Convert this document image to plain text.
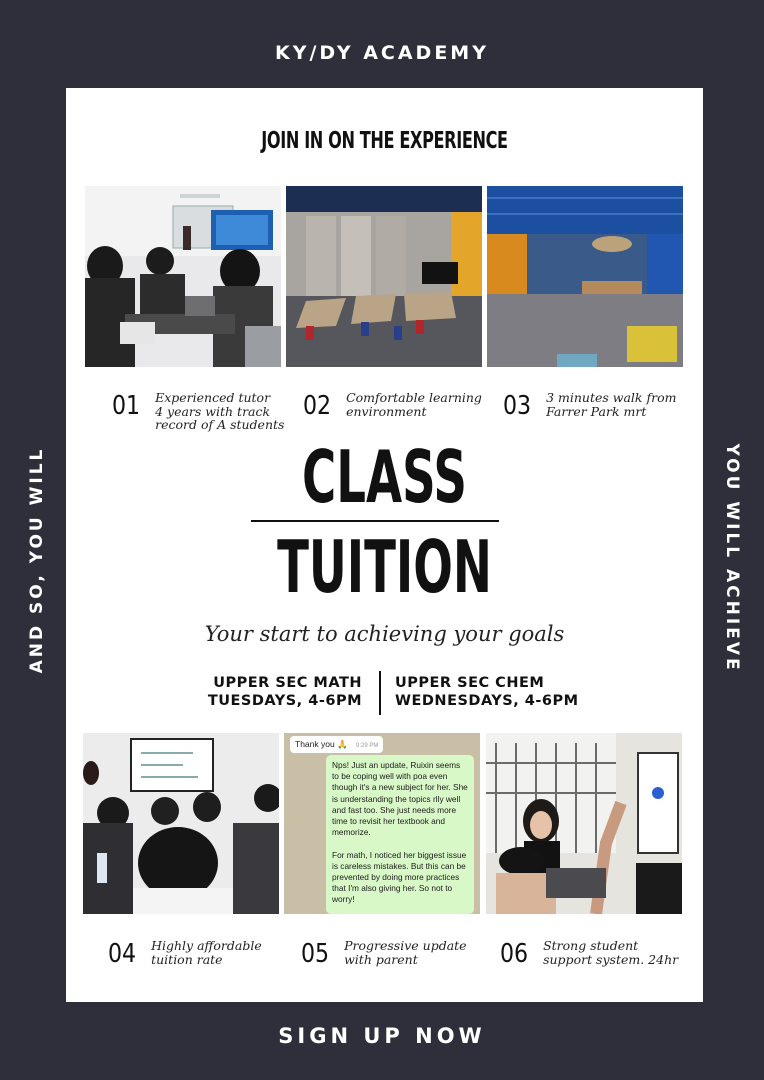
KY/DY ACADEMY
AND SO, YOU WILL	YOU WILL ACHIEVE
JOIN IN ON THE EXPERIENCE
01 Experienced tutor
4 years with track
record of A students
02 Comfortable learning
environment	03 3 minutes walk from
Farrer Park mrt
CLASS
TUITION
Your start to achieving your goals
UPPER SEC MATH
TUESDAYS, 4-6PM
UPPER SEC CHEM
WEDNESDAYS, 4-6PM
Thank you 🙏 9:29 PM
Nps! Just an update, Ruixin seems to be coping well with poa even though it's a new subject for her. She is understanding the topics rlly well and fast too. She just needs more time to revisit her textbook and memorize.

For math, I noticed her biggest issue is careless mistakes. But this can be prevented by doing more practices that I'm also giving her. So not to worry!
04 Highly affordable
tuition rate	05 Progressive update
with parent	06 Strong student
support system. 24hr
SIGN UP NOW
